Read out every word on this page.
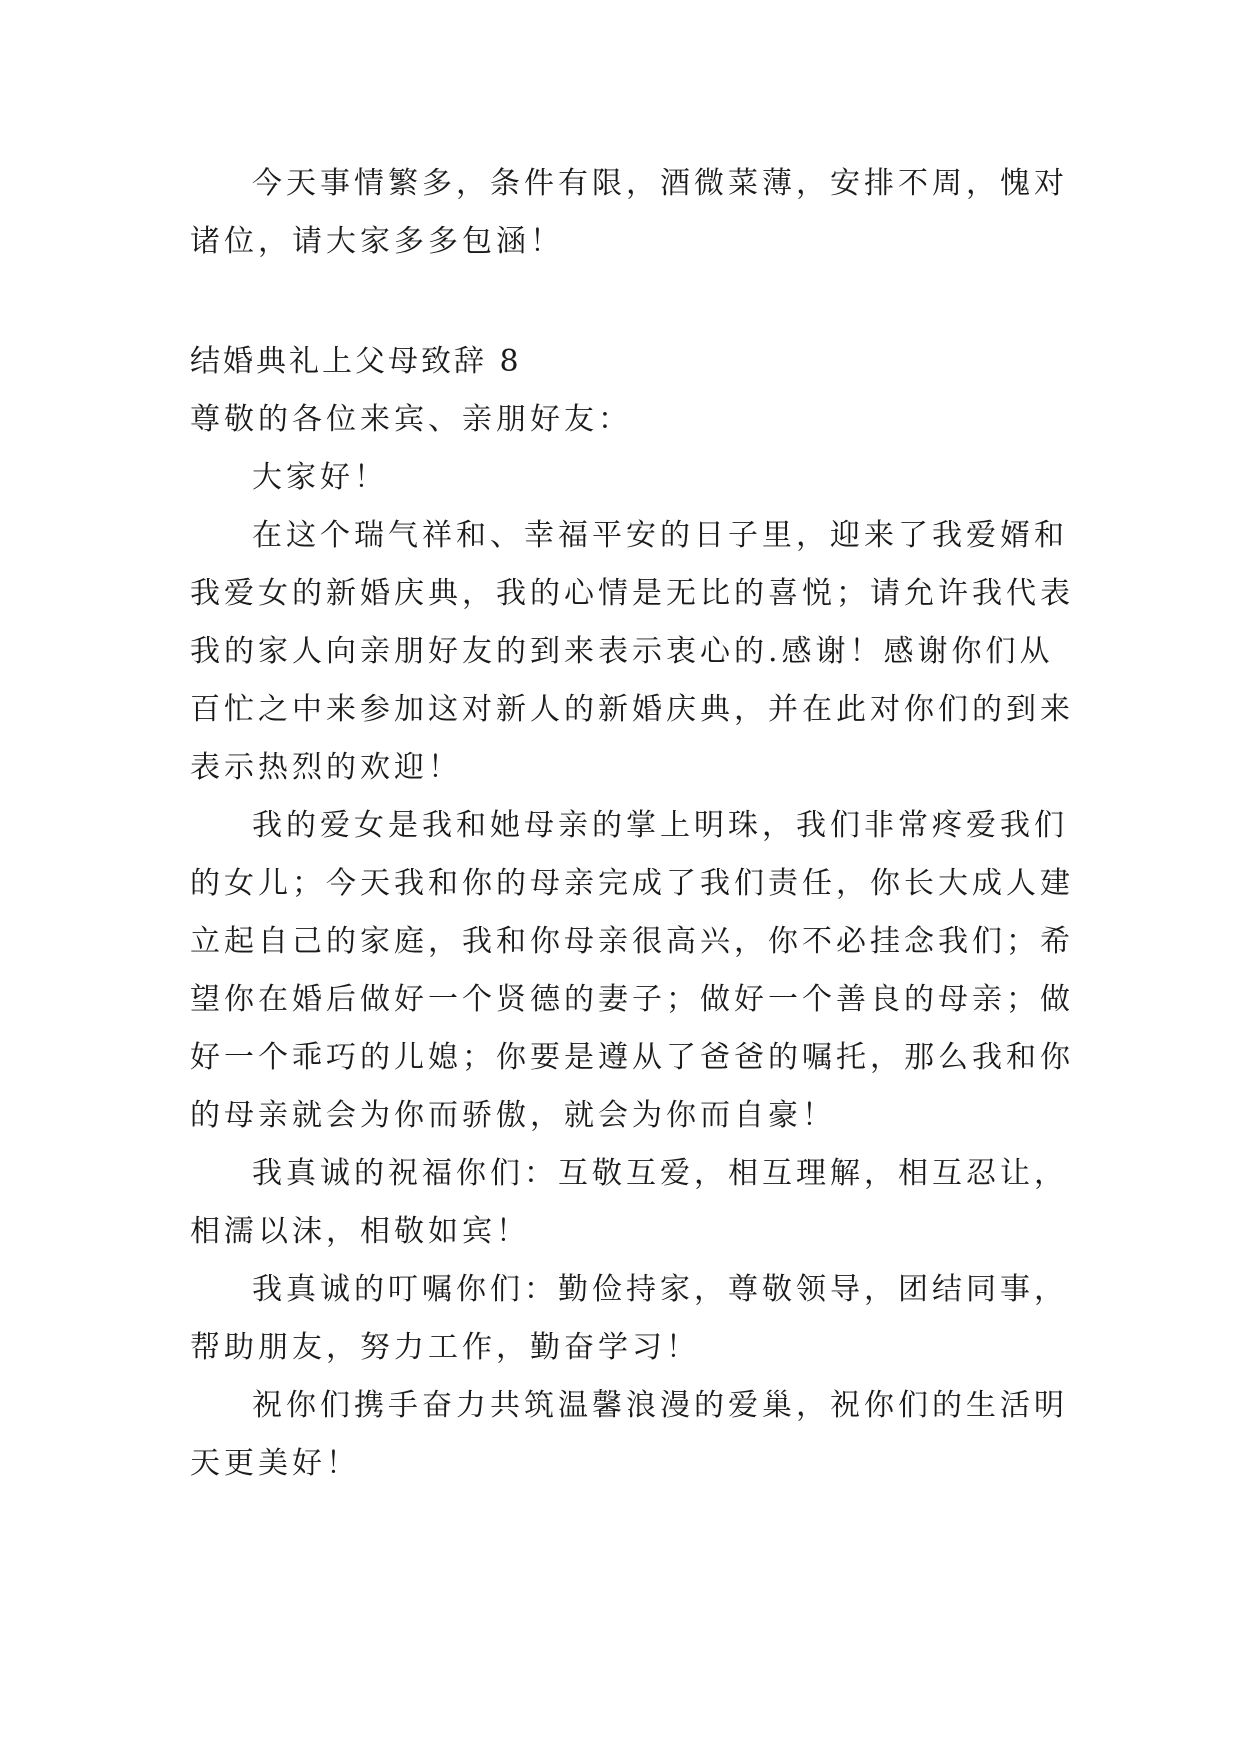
今天事情繁多，条件有限，酒微菜薄，安排不周，愧对
诸位，请大家多多包涵！
结婚典礼上父母致辞 8
尊敬的各位来宾、亲朋好友：
大家好！
在这个瑞气祥和、幸福平安的日子里，迎来了我爱婿和
我爱女的新婚庆典，我的心情是无比的喜悦；请允许我代表
我的家人向亲朋好友的到来表示衷心的.感谢！感谢你们从
百忙之中来参加这对新人的新婚庆典，并在此对你们的到来
表示热烈的欢迎！
我的爱女是我和她母亲的掌上明珠，我们非常疼爱我们
的女儿；今天我和你的母亲完成了我们责任，你长大成人建
立起自己的家庭，我和你母亲很高兴，你不必挂念我们；希
望你在婚后做好一个贤德的妻子；做好一个善良的母亲；做
好一个乖巧的儿媳；你要是遵从了爸爸的嘱托，那么我和你
的母亲就会为你而骄傲，就会为你而自豪！
我真诚的祝福你们：互敬互爱，相互理解，相互忍让，
相濡以沫，相敬如宾！
我真诚的叮嘱你们：勤俭持家，尊敬领导，团结同事，
帮助朋友，努力工作，勤奋学习！
祝你们携手奋力共筑温馨浪漫的爱巢，祝你们的生活明
天更美好！
